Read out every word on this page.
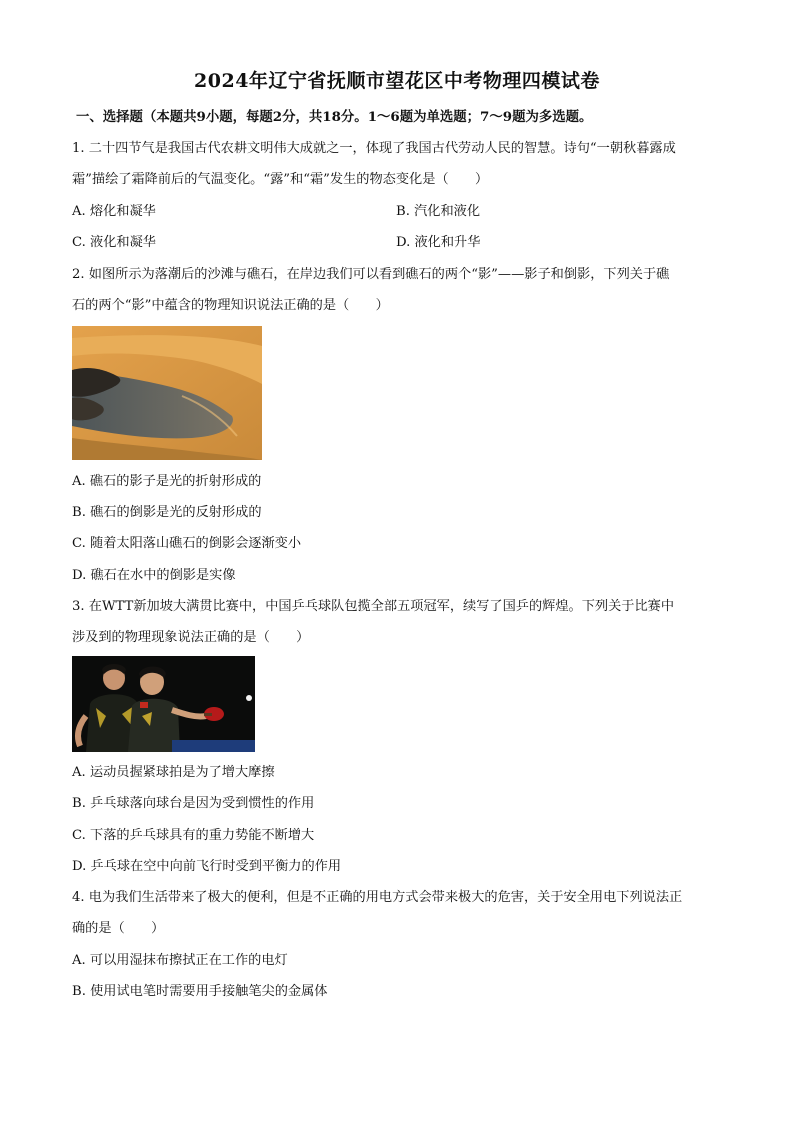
2024年辽宁省抚顺市望花区中考物理四模试卷
一、选择题（本题共9小题，每题2分，共18分。1～6题为单选题；7～9题为多选题。
1. 二十四节气是我国古代农耕文明伟大成就之一，体现了我国古代劳动人民的智慧。诗句“一朝秋暮露成
霜”描绘了霜降前后的气温变化。“露”和“霜”发生的物态变化是（　　）
A. 熔化和凝华	B. 汽化和液化
C. 液化和凝华	D. 液化和升华
2. 如图所示为落潮后的沙滩与礁石，在岸边我们可以看到礁石的两个“影”——影子和倒影，下列关于礁
石的两个“影”中蕴含的物理知识说法正确的是（　　）
A. 礁石的影子是光的折射形成的
B. 礁石的倒影是光的反射形成的
C. 随着太阳落山礁石的倒影会逐渐变小
D. 礁石在水中的倒影是实像
3. 在WTT新加坡大满贯比赛中，中国乒乓球队包揽全部五项冠军，续写了国乒的辉煌。下列关于比赛中
涉及到的物理现象说法正确的是（　　）
A. 运动员握紧球拍是为了增大摩擦
B. 乒乓球落向球台是因为受到惯性的作用
C. 下落的乒乓球具有的重力势能不断增大
D. 乒乓球在空中向前飞行时受到平衡力的作用
4. 电为我们生活带来了极大的便利，但是不正确的用电方式会带来极大的危害，关于安全用电下列说法正
确的是（　　）
A. 可以用湿抹布擦拭正在工作的电灯
B. 使用试电笔时需要用手接触笔尖的金属体
